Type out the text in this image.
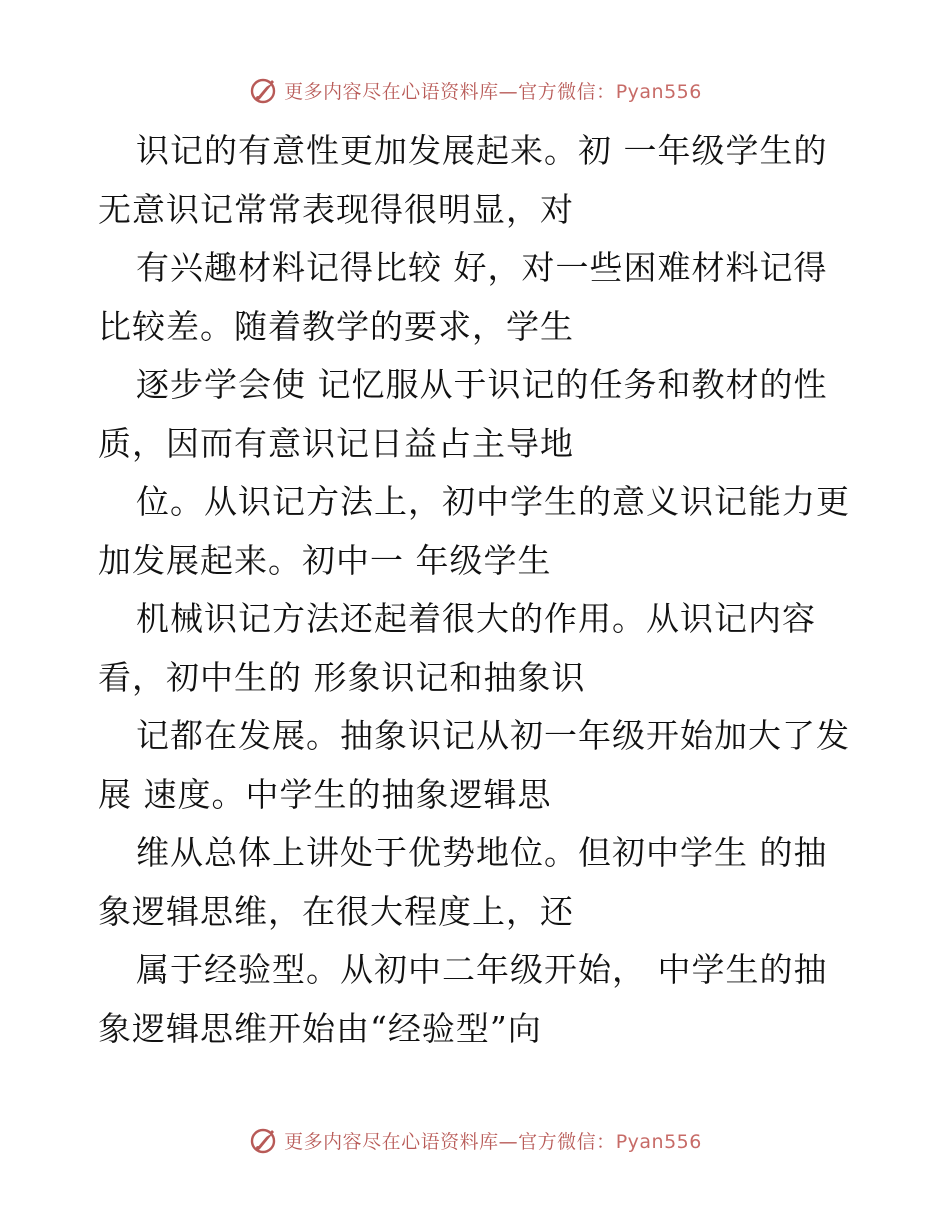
更多内容尽在心语资料库—官方微信：Pyan556

识记的有意性更加发展起来。初 一年级学生的无意识记常常表现得很明显，对

有兴趣材料记得比较 好，对一些困难材料记得比较差。随着教学的要求，学生

逐步学会使 记忆服从于识记的任务和教材的性质，因而有意识记日益占主导地

位。从识记方法上，初中学生的意义识记能力更加发展起来。初中一 年级学生

机械识记方法还起着很大的作用。从识记内容看，初中生的 形象识记和抽象识

记都在发展。抽象识记从初一年级开始加大了发展 速度。中学生的抽象逻辑思

维从总体上讲处于优势地位。但初中学生 的抽象逻辑思维，在很大程度上，还

属于经验型。从初中二年级开始， 中学生的抽象逻辑思维开始由“经验型”向

更多内容尽在心语资料库—官方微信：Pyan556
